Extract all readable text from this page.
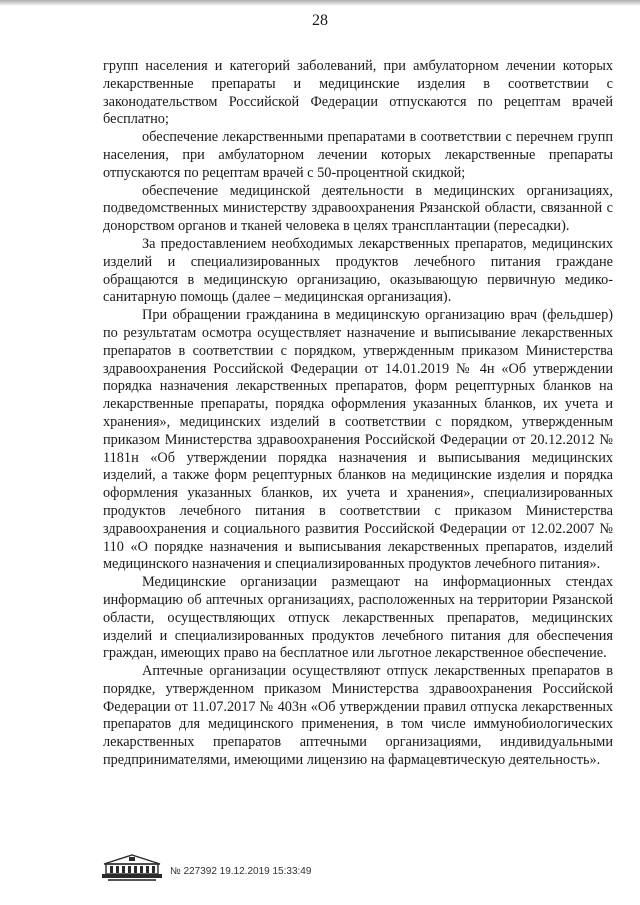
28

групп населения и категорий заболеваний, при амбулаторном лечении которых лекарственные препараты и медицинские изделия в соответствии с законодательством Российской Федерации отпускаются по рецептам врачей бесплатно;

обеспечение лекарственными препаратами в соответствии с перечнем групп населения, при амбулаторном лечении которых лекарственные препараты отпускаются по рецептам врачей с 50-процентной скидкой;

обеспечение медицинской деятельности в медицинских организациях, подведомственных министерству здравоохранения Рязанской области, связанной с донорством органов и тканей человека в целях трансплантации (пересадки).

За предоставлением необходимых лекарственных препаратов, медицинских изделий и специализированных продуктов лечебного питания граждане обращаются в медицинскую организацию, оказывающую первичную медико-санитарную помощь (далее – медицинская организация).

При обращении гражданина в медицинскую организацию врач (фельдшер) по результатам осмотра осуществляет назначение и выписывание лекарственных препаратов в соответствии с порядком, утвержденным приказом Министерства здравоохранения Российской Федерации от 14.01.2019 № 4н «Об утверждении порядка назначения лекарственных препаратов, форм рецептурных бланков на лекарственные препараты, порядка оформления указанных бланков, их учета и хранения», медицинских изделий в соответствии с порядком, утвержденным приказом Министерства здравоохранения Российской Федерации от 20.12.2012 № 1181н «Об утверждении порядка назначения и выписывания медицинских изделий, а также форм рецептурных бланков на медицинские изделия и порядка оформления указанных бланков, их учета и хранения», специализированных продуктов лечебного питания в соответствии с приказом Министерства здравоохранения и социального развития Российской Федерации от 12.02.2007 № 110 «О порядке назначения и выписывания лекарственных препаратов, изделий медицинского назначения и специализированных продуктов лечебного питания».

Медицинские организации размещают на информационных стендах информацию об аптечных организациях, расположенных на территории Рязанской области, осуществляющих отпуск лекарственных препаратов, медицинских изделий и специализированных продуктов лечебного питания для обеспечения граждан, имеющих право на бесплатное или льготное лекарственное обеспечение.

Аптечные организации осуществляют отпуск лекарственных препаратов в порядке, утвержденном приказом Министерства здравоохранения Российской Федерации от 11.07.2017 № 403н «Об утверждении правил отпуска лекарственных препаратов для медицинского применения, в том числе иммунобиологических лекарственных препаратов аптечными организациями, индивидуальными предпринимателями, имеющими лицензию на фармацевтическую деятельность».

№ 227392 19.12.2019 15:33:49
